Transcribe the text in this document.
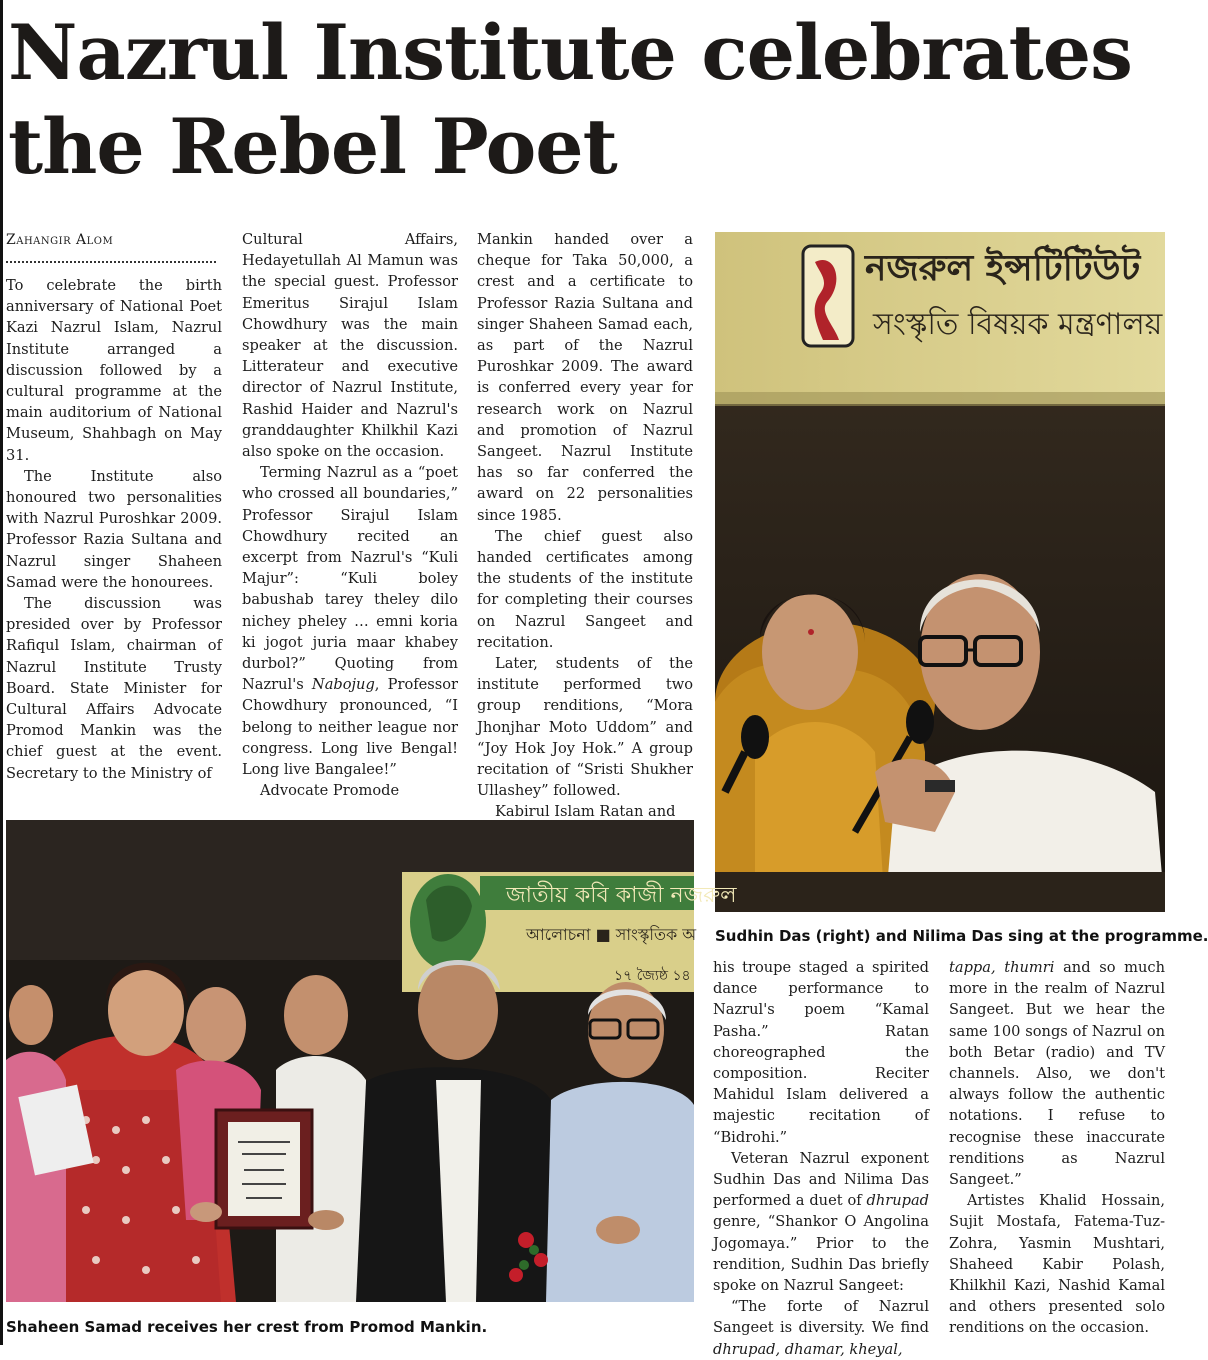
Nazrul Institute celebrates the Rebel Poet
Zahangir Alom

To celebrate the birth anniversary of National Poet Kazi Nazrul Islam, Nazrul Institute arranged a discussion followed by a cultural programme at the main auditorium of National Museum, Shahbagh on May 31.

The Institute also honoured two personalities with Nazrul Puroshkar 2009. Professor Razia Sultana and Nazrul singer Shaheen Samad were the honourees.

The discussion was presided over by Professor Rafiqul Islam, chairman of Nazrul Institute Trusty Board. State Minister for Cultural Affairs Advocate Promod Mankin was the chief guest at the event. Secretary to the Ministry of

Cultural Affairs, Hedayetullah Al Mamun was the special guest. Professor Emeritus Sirajul Islam Chowdhury was the main speaker at the discussion. Litterateur and executive director of Nazrul Institute, Rashid Haider and Nazrul's granddaughter Khilkhil Kazi also spoke on the occasion.

Terming Nazrul as a “poet who crossed all boundaries,” Professor Sirajul Islam Chowdhury recited an excerpt from Nazrul's “Kuli Majur”: “Kuli boley babushab tarey theley dilo nichey pheley … emni koria ki jogot juria maar khabey durbol?” Quoting from Nazrul's Nabojug, Professor Chowdhury pronounced, “I belong to neither league nor congress. Long live Bengal! Long live Bangalee!”

Advocate Promode

Mankin handed over a cheque for Taka 50,000, a crest and a certificate to Professor Razia Sultana and singer Shaheen Samad each, as part of the Nazrul Puroshkar 2009. The award is conferred every year for research work on Nazrul and promotion of Nazrul Sangeet. Nazrul Institute has so far conferred the award on 22 personalities since 1985.

The chief guest also handed certificates among the students of the institute for completing their courses on Nazrul Sangeet and recitation.

Later, students of the institute performed two group renditions, “Mora Jhonjhar Moto Uddom” and “Joy Hok Joy Hok.” A group recitation of “Sristi Shukher Ullashey” followed.

Kabirul Islam Ratan and

নজরুল ইন্সটিটিউট
সংস্কৃতি বিষয়ক মন্ত্রণালয়
Sudhin Das (right) and Nilima Das sing at the programme.

his troupe staged a spirited dance performance to Nazrul's poem “Kamal Pasha.” Ratan choreographed the composition. Reciter Mahidul Islam delivered a majestic recitation of “Bidrohi.”

Veteran Nazrul exponent Sudhin Das and Nilima Das performed a duet of dhrupad genre, “Shankor O Angolina Jogomaya.” Prior to the rendition, Sudhin Das briefly spoke on Nazrul Sangeet:

“The forte of Nazrul Sangeet is diversity. We find dhrupad, dhamar, kheyal,

tappa, thumri and so much more in the realm of Nazrul Sangeet. But we hear the same 100 songs of Nazrul on both Betar (radio) and TV channels. Also, we don't always follow the authentic notations. I refuse to recognise these inaccurate renditions as Nazrul Sangeet.”

Artistes Khalid Hossain, Sujit Mostafa, Fatema-Tuz-Zohra, Yasmin Mushtari, Shaheed Kabir Polash, Khilkhil Kazi, Nashid Kamal and others presented solo renditions on the occasion.

জাতীয় কবি কাজী নজরুল
আলোচনা ■ সাংস্কৃতিক অ
১৭ জ্যৈষ্ঠ ১৪
Shaheen Samad receives her crest from Promod Mankin.
